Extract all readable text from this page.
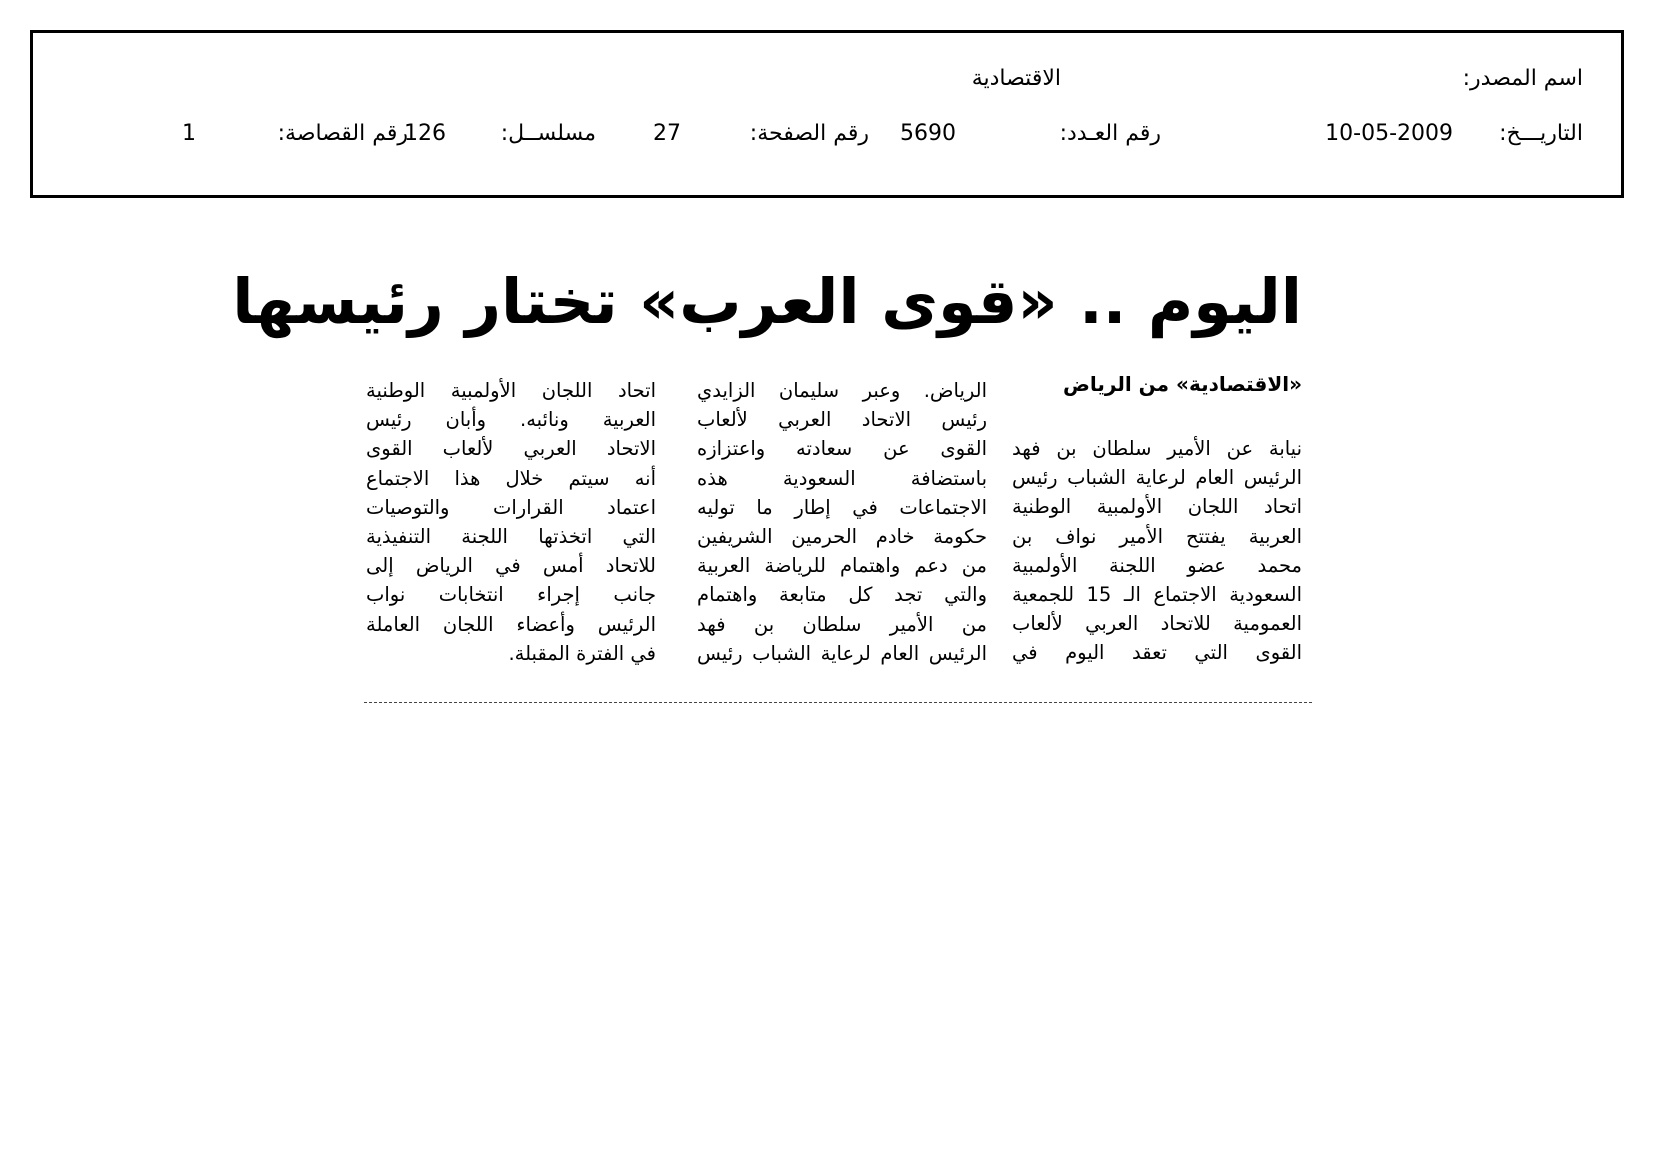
اسم المصدر:
الاقتصادية
التاريـــخ:
10-05-2009
رقم العـدد:
5690
رقم الصفحة:
27
مسلســل:
126
رقم القصاصة:
1
اليوم .. «قوى العرب» تختار رئيسها
«الاقتصادية» من الرياض
نيابة عن الأمير سلطان بن فهد
الرئيس العام لرعاية الشباب رئيس
اتحاد اللجان الأولمبية الوطنية
العربية يفتتح الأمير نواف بن
محمد عضو اللجنة الأولمبية
السعودية الاجتماع الـ 15 للجمعية
العمومية للاتحاد العربي لألعاب
القوى التي تعقد اليوم في
الرياض. وعبر سليمان الزايدي
رئيس الاتحاد العربي لألعاب
القوى عن سعادته واعتزازه
باستضافة السعودية هذه
الاجتماعات في إطار ما توليه
حكومة خادم الحرمين الشريفين
من دعم واهتمام للرياضة العربية
والتي تجد كل متابعة واهتمام
من الأمير سلطان بن فهد
الرئيس العام لرعاية الشباب رئيس
اتحاد اللجان الأولمبية الوطنية
العربية ونائبه. وأبان رئيس
الاتحاد العربي لألعاب القوى
أنه سيتم خلال هذا الاجتماع
اعتماد القرارات والتوصيات
التي اتخذتها اللجنة التنفيذية
للاتحاد أمس في الرياض إلى
جانب إجراء انتخابات نواب
الرئيس وأعضاء اللجان العاملة
في الفترة المقبلة.
